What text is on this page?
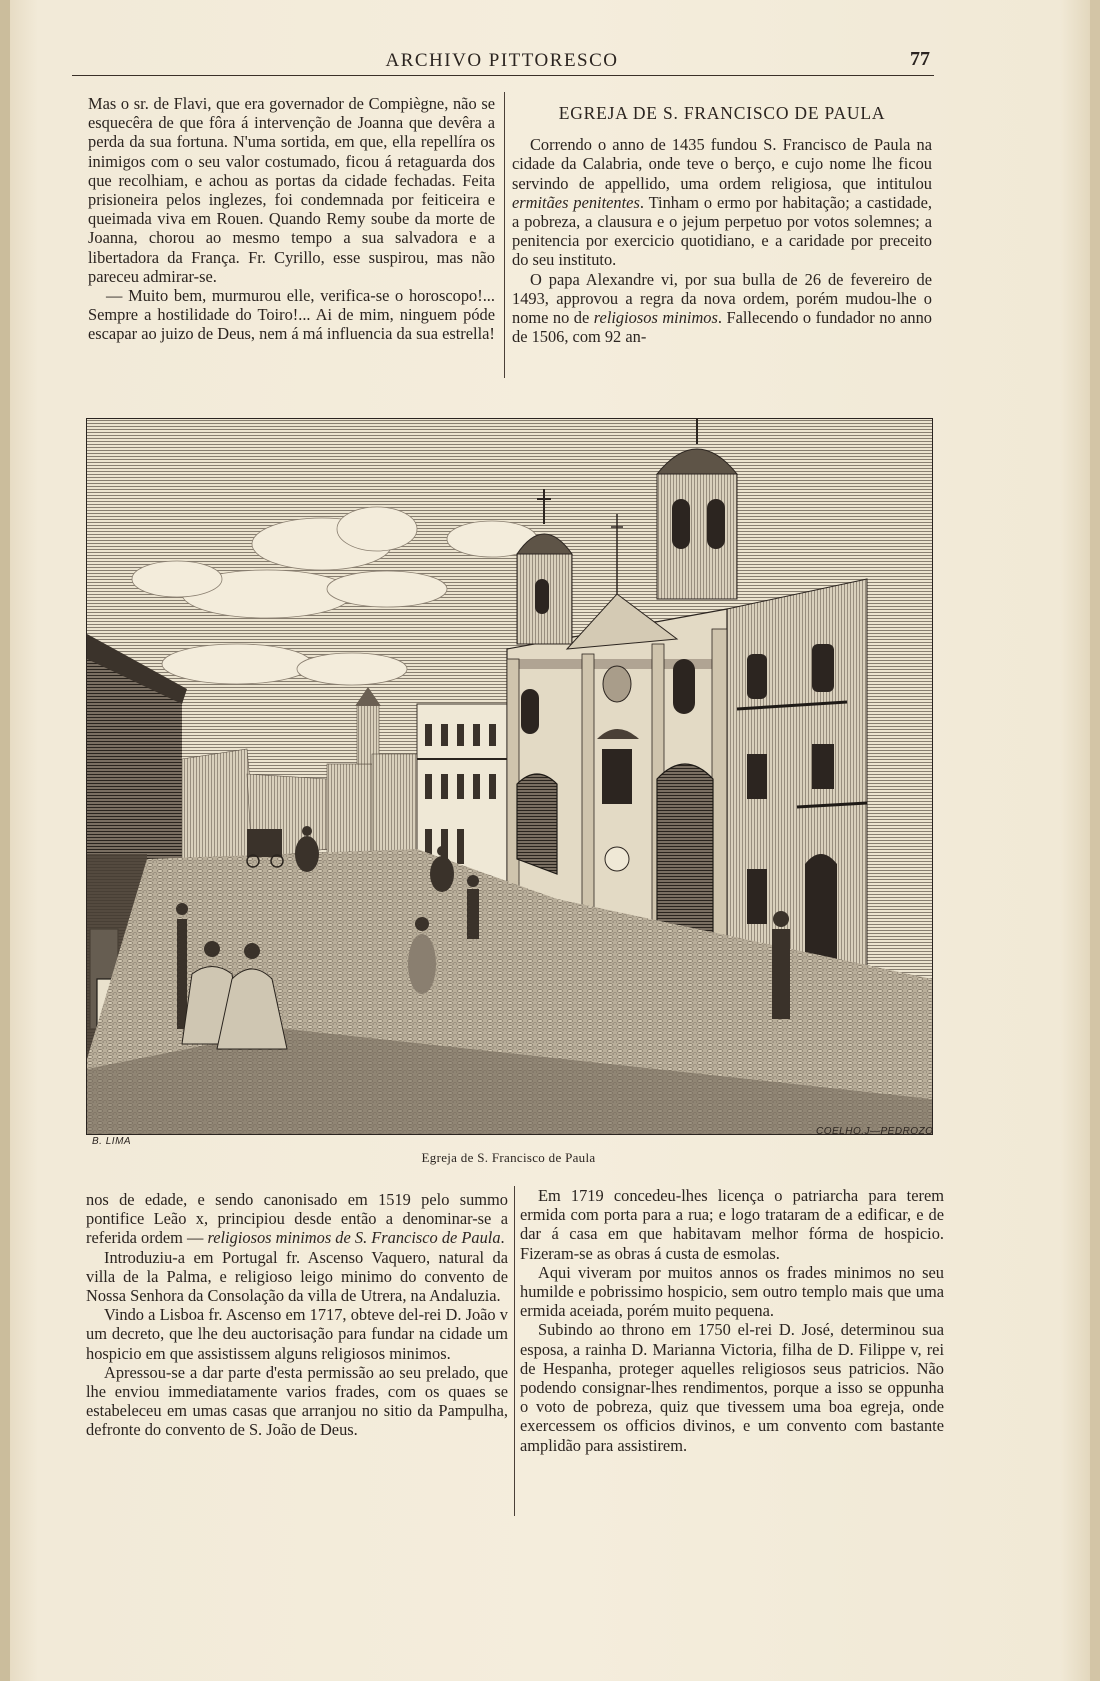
ARCHIVO PITTORESCO	77

Mas o sr. de Flavi, que era governador de Compiègne, não se esquecêra de que fôra á intervenção de Joanna que devêra a perda da sua fortuna. N'uma sortida, em que, ella repellíra os inimigos com o seu valor costumado, ficou á retaguarda dos que recolhiam, e achou as portas da cidade fechadas. Feita prisioneira pelos inglezes, foi condemnada por feiticeira e queimada viva em Rouen. Quando Remy soube da morte de Joanna, chorou ao mesmo tempo a sua salvadora e a libertadora da França. Fr. Cyrillo, esse suspirou, mas não pareceu admirar-se.

— Muito bem, murmurou elle, verifica-se o horoscopo!... Sempre a hostilidade do Toiro!... Ai de mim, ninguem póde escapar ao juizo de Deus, nem á má influencia da sua estrella!

EGREJA DE S. FRANCISCO DE PAULA

Correndo o anno de 1435 fundou S. Francisco de Paula na cidade da Calabria, onde teve o berço, e cujo nome lhe ficou servindo de appellido, uma ordem religiosa, que intitulou ermitães penitentes. Tinham o ermo por habitação; a castidade, a pobreza, a clausura e o jejum perpetuo por votos solemnes; a penitencia por exercicio quotidiano, e a caridade por preceito do seu instituto.

O papa Alexandre vi, por sua bulla de 26 de fevereiro de 1493, approvou a regra da nova ordem, porém mudou-lhe o nome no de religiosos minimos. Fallecendo o fundador no anno de 1506, com 92 an-

B. LIMA
COELHO.J—PEDROZO
Egreja de S. Francisco de Paula

nos de edade, e sendo canonisado em 1519 pelo summo pontifice Leão x, principiou desde então a denominar-se a referida ordem — religiosos minimos de S. Francisco de Paula.

Introduziu-a em Portugal fr. Ascenso Vaquero, natural da villa de la Palma, e religioso leigo minimo do convento de Nossa Senhora da Consolação da villa de Utrera, na Andaluzia.

Vindo a Lisboa fr. Ascenso em 1717, obteve del-rei D. João v um decreto, que lhe deu auctorisação para fundar na cidade um hospicio em que assistissem alguns religiosos minimos.

Apressou-se a dar parte d'esta permissão ao seu prelado, que lhe enviou immediatamente varios frades, com os quaes se estabeleceu em umas casas que arranjou no sitio da Pampulha, defronte do convento de S. João de Deus.

Em 1719 concedeu-lhes licença o patriarcha para terem ermida com porta para a rua; e logo trataram de a edificar, e de dar á casa em que habitavam melhor fórma de hospicio. Fizeram-se as obras á custa de esmolas.

Aqui viveram por muitos annos os frades minimos no seu humilde e pobrissimo hospicio, sem outro templo mais que uma ermida aceiada, porém muito pequena.

Subindo ao throno em 1750 el-rei D. José, determinou sua esposa, a rainha D. Marianna Victoria, filha de D. Filippe v, rei de Hespanha, proteger aquelles religiosos seus patricios. Não podendo consignar-lhes rendimentos, porque a isso se oppunha o voto de pobreza, quiz que tivessem uma boa egreja, onde exercessem os officios divinos, e um convento com bastante amplidão para assistirem.
